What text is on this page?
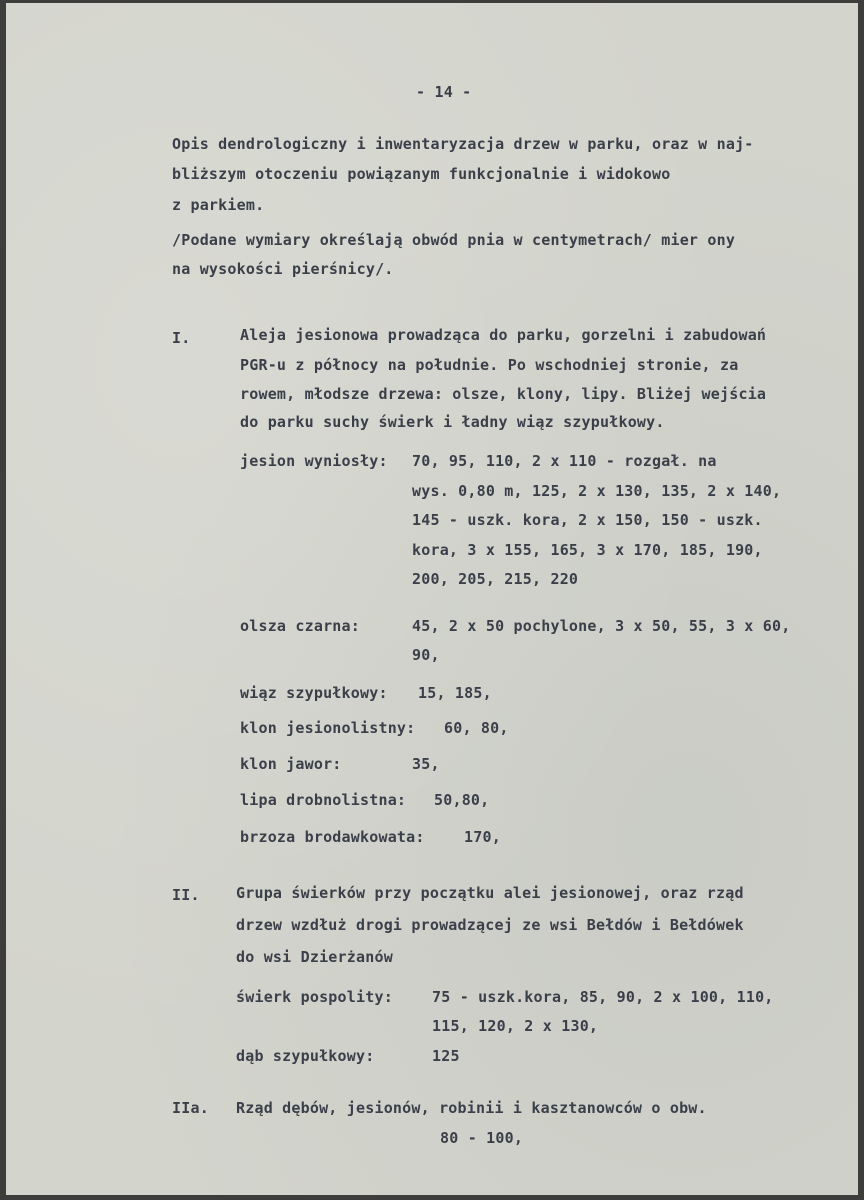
- 14 -
Opis dendrologiczny i inwentaryzacja drzew w parku, oraz w naj-
bliższym otoczeniu powiązanym funkcjonalnie i widokowo
z parkiem.
/Podane wymiary określają obwód pnia w centymetrach/ mier ony
na wysokości pierśnicy/.
I.	Aleja jesionowa prowadząca do parku, gorzelni i zabudowań
PGR-u z północy na południe. Po wschodniej stronie, za
rowem, młodsze drzewa: olsze, klony, lipy. Bliżej wejścia
do parku suchy świerk i ładny wiąz szypułkowy.
jesion wyniosły: 70, 95, 110, 2 x 110 - rozgał. na
wys. 0,80 m, 125, 2 x 130, 135, 2 x 140,
145 - uszk. kora, 2 x 150, 150 - uszk.
kora, 3 x 155, 165, 3 x 170, 185, 190,
200, 205, 215, 220
olsza czarna:	45, 2 x 50 pochylone, 3 x 50, 55, 3 x 60,
90,
wiąz szypułkowy: 15, 185,
klon jesionolistny: 60, 80,
klon jawor:	35,
lipa drobnolistna: 50,80,
brzoza brodawkowata:	170,
II. Grupa świerków przy początku alei jesionowej, oraz rząd
drzew wzdłuż drogi prowadzącej ze wsi Bełdów i Bełdówek
do wsi Dzierżanów
świerk pospolity:	75 - uszk.kora, 85, 90, 2 x 100, 110,
115, 120, 2 x 130,
dąb szypułkowy:	125
IIa. Rząd dębów, jesionów, robinii i kasztanowców o obw.
80 - 100,
